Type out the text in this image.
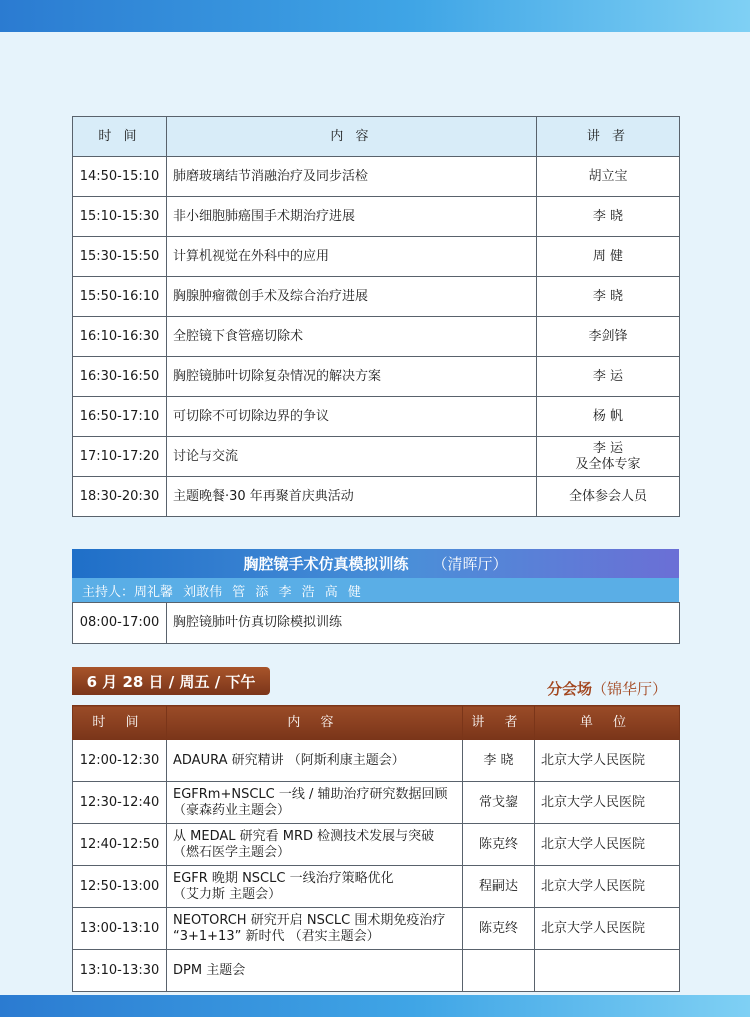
时 间	内 容	讲 者
14:50-15:10	肺磨玻璃结节消融治疗及同步活检	胡立宝
15:10-15:30	非小细胞肺癌围手术期治疗进展	李 晓
15:30-15:50	计算机视觉在外科中的应用	周 健
15:50-16:10	胸腺肿瘤微创手术及综合治疗进展	李 晓
16:10-16:30	全腔镜下食管癌切除术	李剑锋
16:30-16:50	胸腔镜肺叶切除复杂情况的解决方案	李 运
16:50-17:10	可切除不可切除边界的争议	杨 帆
17:10-17:20	讨论与交流	李 运
及全体专家

18:30-20:30	主题晚餐·30 年再聚首庆典活动	全体参会人员
胸腔镜手术仿真模拟训练 （清晖厅）
主持人：周礼馨 刘敢伟 管 添 李 浩 高 健
08:00-17:00	胸腔镜肺叶仿真切除模拟训练
6 月 28 日 / 周五 / 下午	分会场（锦华厅）
时 间	内 容	讲 者	单 位
12:00-12:30	ADAURA 研究精讲 （阿斯利康主题会）	李 晓	北京大学人民医院
12:30-12:40	EGFRm+NSCLC 一线 / 辅助治疗研究数据回顾
（豪森药业主题会）	常戈鋆	北京大学人民医院
12:40-12:50	从 MEDAL 研究看 MRD 检测技术发展与突破
（燃石医学主题会）	陈克终	北京大学人民医院
12:50-13:00	EGFR 晚期 NSCLC 一线治疗策略优化
（艾力斯 主题会）	程嗣达	北京大学人民医院
13:00-13:10	NEOTORCH 研究开启 NSCLC 围术期免疫治疗
“3+1+13” 新时代 （君实主题会）	陈克终	北京大学人民医院
13:10-13:30	DPM 主题会		
